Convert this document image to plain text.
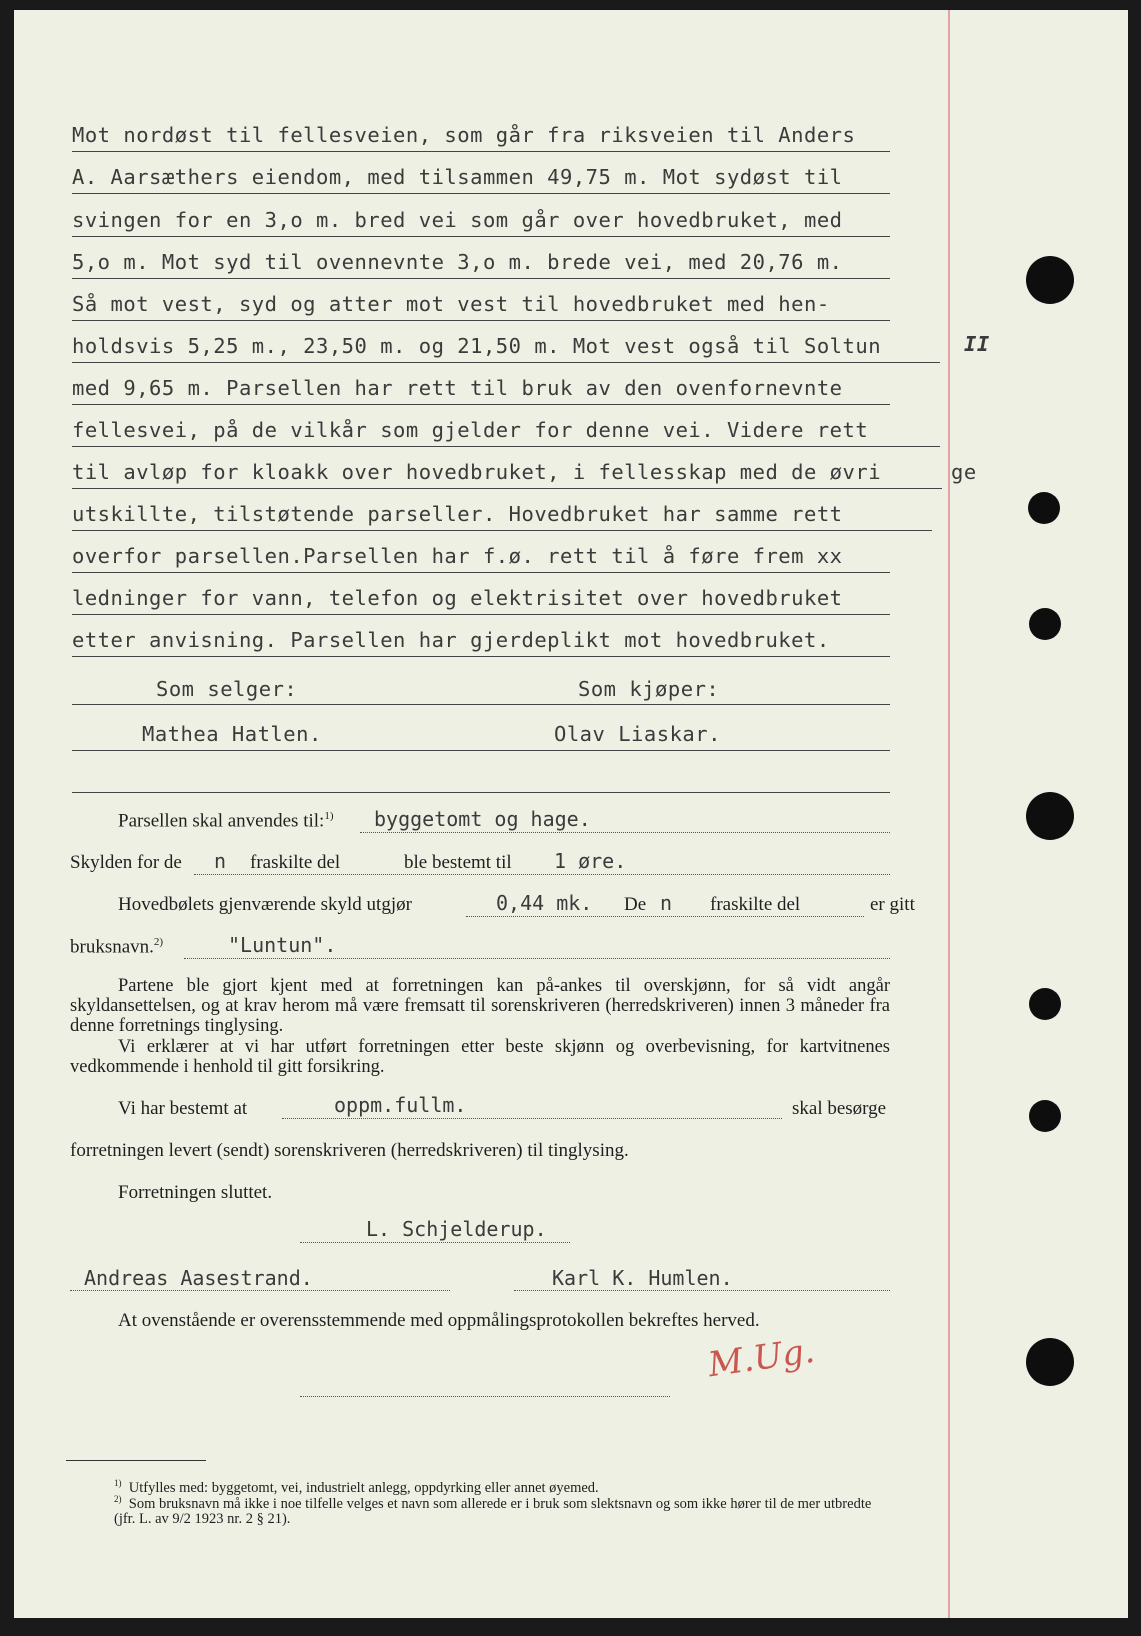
Mot nordøst til fellesveien, som går fra riksveien til Anders
A. Aarsæthers eiendom, med tilsammen 49,75 m. Mot sydøst til
svingen for en 3,o m. bred vei som går over hovedbruket, med
5,o m. Mot syd til ovennevnte 3,o m. brede vei, med 20,76 m.
Så mot vest, syd og atter mot vest til hovedbruket med hen-
holdsvis 5,25 m., 23,50 m. og 21,50 m. Mot vest også til Soltun	II
med 9,65 m. Parsellen har rett til bruk av den ovenfornevnte
fellesvei, på de vilkår som gjelder for denne vei. Videre rett
til avløp for kloakk over hovedbruket, i fellesskap med de øvri	ge
utskillte, tilstøtende parseller. Hovedbruket har samme rett
overfor parsellen.Parsellen har f.ø. rett til å føre frem xx
ledninger for vann, telefon og elektrisitet over hovedbruket
etter anvisning. Parsellen har gjerdeplikt mot hovedbruket.
Som selger:	Som kjøper:
Mathea Hatlen.	Olav Liaskar.
Parsellen skal anvendes til:$^{1)}$ byggetomt og hage.
Skylden for de n fraskilte del	ble bestemt til 1 øre.
Hovedbølets gjenværende skyld utgjør	0,44 mk. De n fraskilte del	er gitt
bruksnavn.$^{2)}$	"Luntun".
Partene ble gjort kjent med at forretningen kan på-ankes til overskjønn, for så vidt angår skyldansettelsen, og at krav herom må være fremsatt til sorenskriveren (herredskriveren) innen 3 måneder fra denne forretnings tinglysing.
Vi erklærer at vi har utført forretningen etter beste skjønn og overbevisning, for kartvitnenes vedkommende i henhold til gitt forsikring.
Vi har bestemt at	oppm.fullm.	skal besørge
forretningen levert (sendt) sorenskriveren (herredskriveren) til tinglysing.
Forretningen sluttet.
L. Schjelderup.
Andreas Aasestrand.	Karl K. Humlen.
At ovenstående er overensstemmende med oppmålingsprotokollen bekreftes herved.
M.Ug.
$^{1)}$ Utfylles med: byggetomt, vei, industrielt anlegg, oppdyrking eller annet øyemed.
$^{2)}$ Som bruksnavn må ikke i noe tilfelle velges et navn som allerede er i bruk som slektsnavn og som ikke hører til de mer utbredte (jfr. L. av 9/2 1923 nr. 2 § 21).
